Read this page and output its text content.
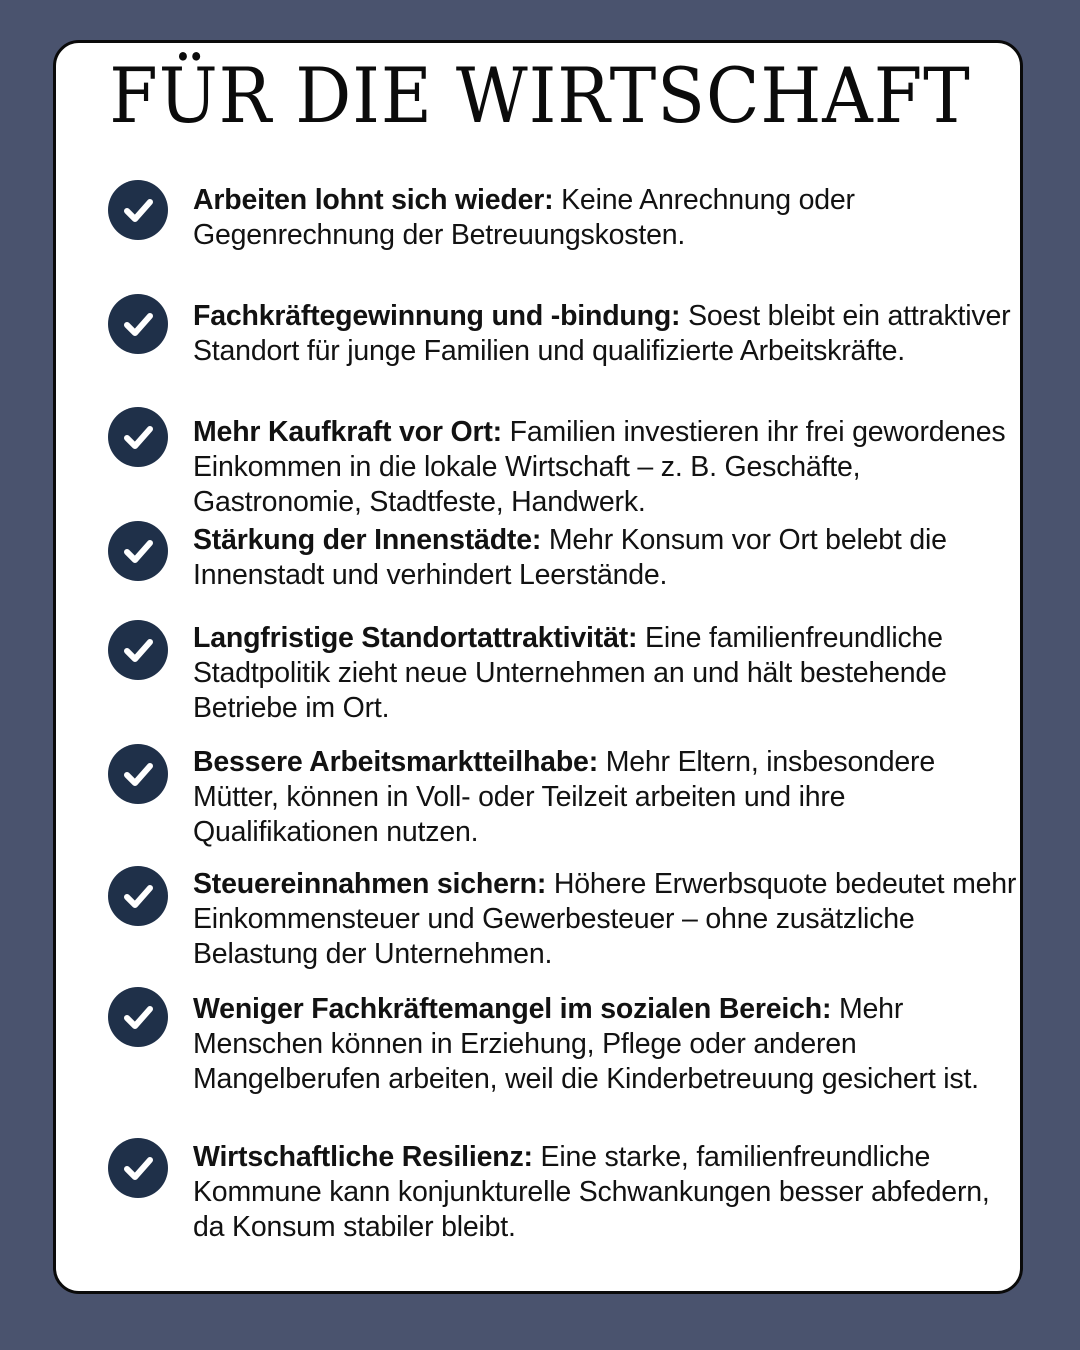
FÜR DIE WIRTSCHAFT

Arbeiten lohnt sich wieder: Keine Anrechnung oder Gegenrechnung der Betreuungskosten.

Fachkräftegewinnung und -bindung: Soest bleibt ein attraktiver Standort für junge Familien und qualifizierte Arbeitskräfte.

Mehr Kaufkraft vor Ort: Familien investieren ihr frei gewordenes Einkommen in die lokale Wirtschaft – z. B. Geschäfte, Gastronomie, Stadtfeste, Handwerk.

Stärkung der Innenstädte: Mehr Konsum vor Ort belebt die Innenstadt und verhindert Leerstände.

Langfristige Standortattraktivität: Eine familienfreundliche Stadtpolitik zieht neue Unternehmen an und hält bestehende Betriebe im Ort.

Bessere Arbeitsmarktteilhabe: Mehr Eltern, insbesondere Mütter, können in Voll- oder Teilzeit arbeiten und ihre Qualifikationen nutzen.

Steuereinnahmen sichern: Höhere Erwerbsquote bedeutet mehr Einkommensteuer und Gewerbesteuer – ohne zusätzliche Belastung der Unternehmen.

Weniger Fachkräftemangel im sozialen Bereich: Mehr Menschen können in Erziehung, Pflege oder anderen Mangelberufen arbeiten, weil die Kinderbetreuung gesichert ist.

Wirtschaftliche Resilienz: Eine starke, familienfreundliche Kommune kann konjunkturelle Schwankungen besser abfedern, da Konsum stabiler bleibt.
